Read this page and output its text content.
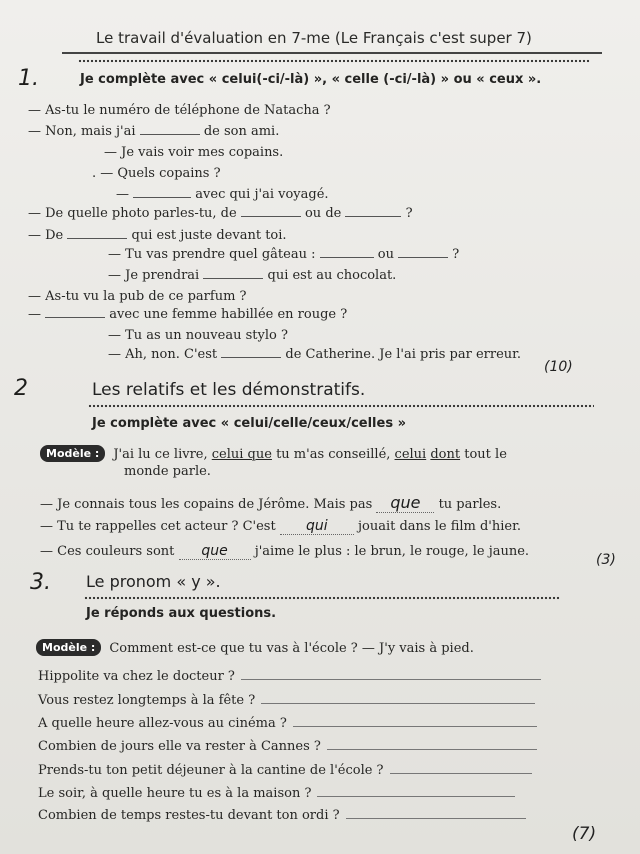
Le travail d'évaluation en 7-me (Le Français c'est super 7)
1.	Je complète avec « celui(-ci/-là) », « celle (-ci/-là) » ou « ceux ».
— As-tu le numéro de téléphone de Natacha ?
— Non, mais j'ai	de son ami.
— Je vais voir mes copains.
. — Quels copains ?
—	avec qui j'ai voyagé.
— De quelle photo parles-tu, de	ou de	?
— De	qui est juste devant toi.
— Tu vas prendre quel gâteau :	ou	?
— Je prendrai	qui est au chocolat.
— As-tu vu la pub de ce parfum ?
—	avec une femme habillée en rouge ?
— Tu as un nouveau stylo ?
— Ah, non. C'est	de Catherine. Je l'ai pris par erreur.
(10)
2	Les relatifs et les démonstratifs.
Je complète avec « celui/celle/ceux/celles »
Modèle : J'ai lu ce livre, celui que tu m'as conseillé, celui dont tout le
monde parle.
— Je connais tous les copains de Jérôme. Mais pas que tu parles.
— Tu te rappelles cet acteur ? C'est qui jouait dans le film d'hier.
— Ces couleurs sont que j'aime le plus : le brun, le rouge, le jaune.
(3)
3. Le pronom « y ».
Je réponds aux questions.
Modèle : Comment est-ce que tu vas à l'école ? — J'y vais à pied.
Hippolite va chez le docteur ?
Vous restez longtemps à la fête ?
A quelle heure allez-vous au cinéma ?
Combien de jours elle va rester à Cannes ?
Prends-tu ton petit déjeuner à la cantine de l'école ?
Le soir, à quelle heure tu es à la maison ?
Combien de temps restes-tu devant ton ordi ?
(7)
